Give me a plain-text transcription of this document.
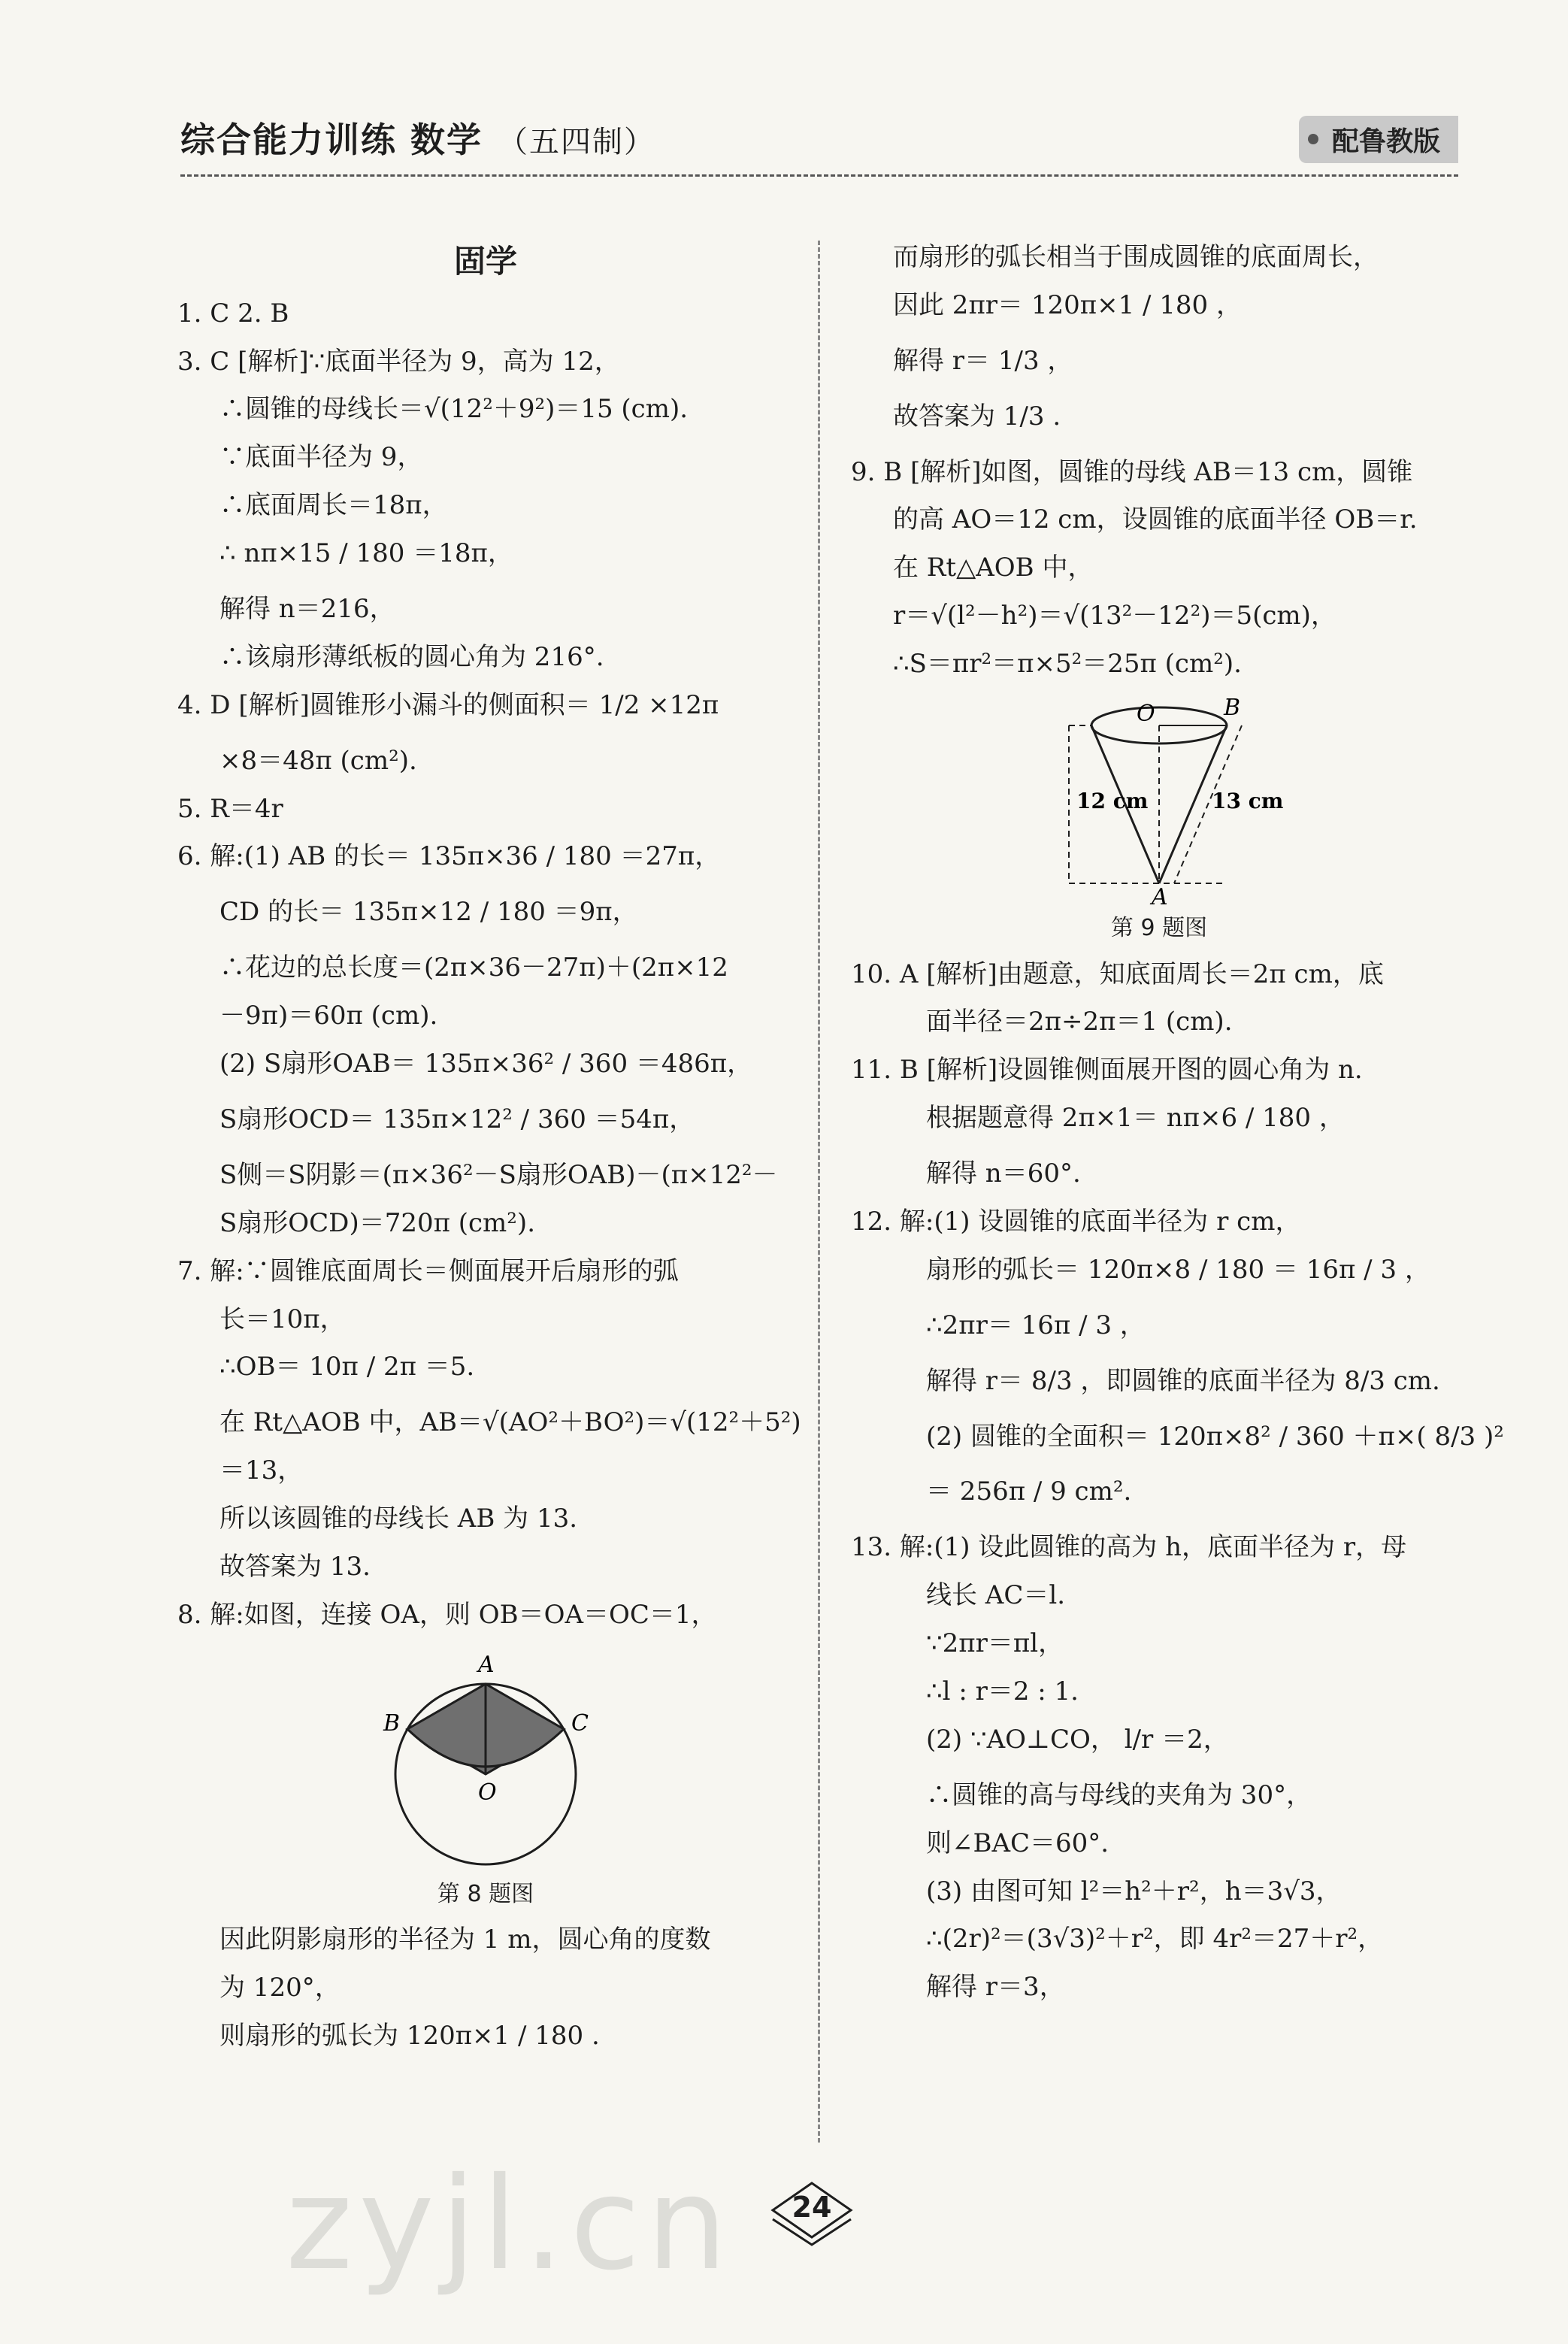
综合能力训练 数学 （五四制）	配鲁教版
固学
1. C 2. B
3. C [解析]∵底面半径为 9，高为 12，
∴圆锥的母线长＝√(12²＋9²)＝15 (cm).
∵底面半径为 9，
∴底面周长＝18π，
∴ nπ×15 / 180 ＝18π，
解得 n＝216，
∴该扇形薄纸板的圆心角为 216°.
4. D [解析]圆锥形小漏斗的侧面积＝ 1/2 ×12π
×8＝48π (cm²).
5. R＝4r
6. 解:(1) AB 的长＝ 135π×36 / 180 ＝27π，
CD 的长＝ 135π×12 / 180 ＝9π，
∴花边的总长度＝(2π×36－27π)＋(2π×12
－9π)＝60π (cm).
(2) S扇形OAB＝ 135π×36² / 360 ＝486π，
S扇形OCD＝ 135π×12² / 360 ＝54π，
S侧＝S阴影＝(π×36²－S扇形OAB)－(π×12²－
S扇形OCD)＝720π (cm²).
7. 解:∵圆锥底面周长＝侧面展开后扇形的弧
长＝10π，
∴OB＝ 10π / 2π ＝5.
在 Rt△AOB 中，AB＝√(AO²＋BO²)＝√(12²＋5²)
＝13，
所以该圆锥的母线长 AB 为 13.
故答案为 13.
8. 解:如图，连接 OA，则 OB＝OA＝OC＝1，
A
B	C
O
第 8 题图
因此阴影扇形的半径为 1 m，圆心角的度数
为 120°，
则扇形的弧长为 120π×1 / 180 .
而扇形的弧长相当于围成圆锥的底面周长，
因此 2πr＝ 120π×1 / 180 ，
解得 r＝ 1/3 ，
故答案为 1/3 .
9. B [解析]如图，圆锥的母线 AB＝13 cm，圆锥
的高 AO＝12 cm，设圆锥的底面半径 OB＝r.
在 Rt△AOB 中，
r＝√(l²－h²)＝√(13²－12²)＝5(cm)，
∴S＝πr²＝π×5²＝25π (cm²).
O	B
A
12 cm	13 cm
第 9 题图
10. A [解析]由题意，知底面周长＝2π cm，底
面半径＝2π÷2π＝1 (cm).
11. B [解析]设圆锥侧面展开图的圆心角为 n.
根据题意得 2π×1＝ nπ×6 / 180 ，
解得 n＝60°.
12. 解:(1) 设圆锥的底面半径为 r cm，
扇形的弧长＝ 120π×8 / 180 ＝ 16π / 3 ，
∴2πr＝ 16π / 3 ，
解得 r＝ 8/3 ，即圆锥的底面半径为 8/3 cm.
(2) 圆锥的全面积＝ 120π×8² / 360 ＋π×( 8/3 )²
＝ 256π / 9 cm².
13. 解:(1) 设此圆锥的高为 h，底面半径为 r，母
线长 AC＝l.
∵2πr＝πl，
∴l : r＝2 : 1.
(2) ∵AO⊥CO， l/r ＝2，
∴圆锥的高与母线的夹角为 30°，
则∠BAC＝60°.
(3) 由图可知 l²＝h²＋r²，h＝3√3，
∴(2r)²＝(3√3)²＋r²，即 4r²＝27＋r²，
解得 r＝3，
zyjl.cn	24
